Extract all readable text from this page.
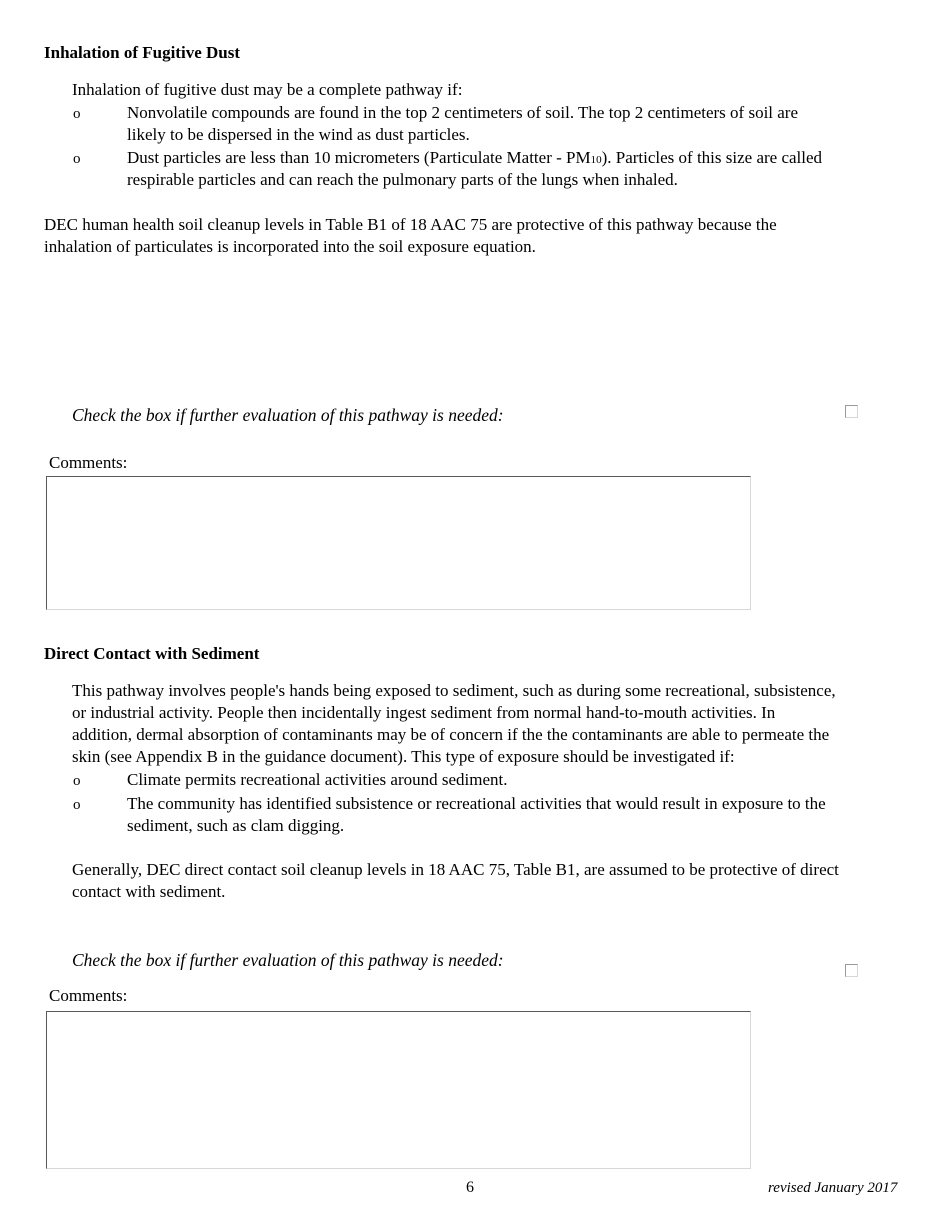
Inhalation of Fugitive Dust
Inhalation of fugitive dust may be a complete pathway if:
o	Nonvolatile compounds are found in the top 2 centimeters of soil. The top 2 centimeters of soil are
likely to be dispersed in the wind as dust particles.
o	Dust particles are less than 10 micrometers (Particulate Matter - PM10). Particles of this size are called
respirable particles and can reach the pulmonary parts of the lungs when inhaled.
DEC human health soil cleanup levels in Table B1 of 18 AAC 75 are protective of this pathway because the
inhalation of particulates is incorporated into the soil exposure equation.
Check the box if further evaluation of this pathway is needed:
Comments:
Direct Contact with Sediment
This pathway involves people's hands being exposed to sediment, such as during some recreational, subsistence,
or industrial activity. People then incidentally ingest sediment from normal hand-to-mouth activities. In
addition, dermal absorption of contaminants may be of concern if the the contaminants are able to permeate the
skin (see Appendix B in the guidance document). This type of exposure should be investigated if:
o	Climate permits recreational activities around sediment.
o	The community has identified subsistence or recreational activities that would result in exposure to the
sediment, such as clam digging.
Generally, DEC direct contact soil cleanup levels in 18 AAC 75, Table B1, are assumed to be protective of direct
contact with sediment.
Check the box if further evaluation of this pathway is needed:
Comments:
6	revised January 2017
